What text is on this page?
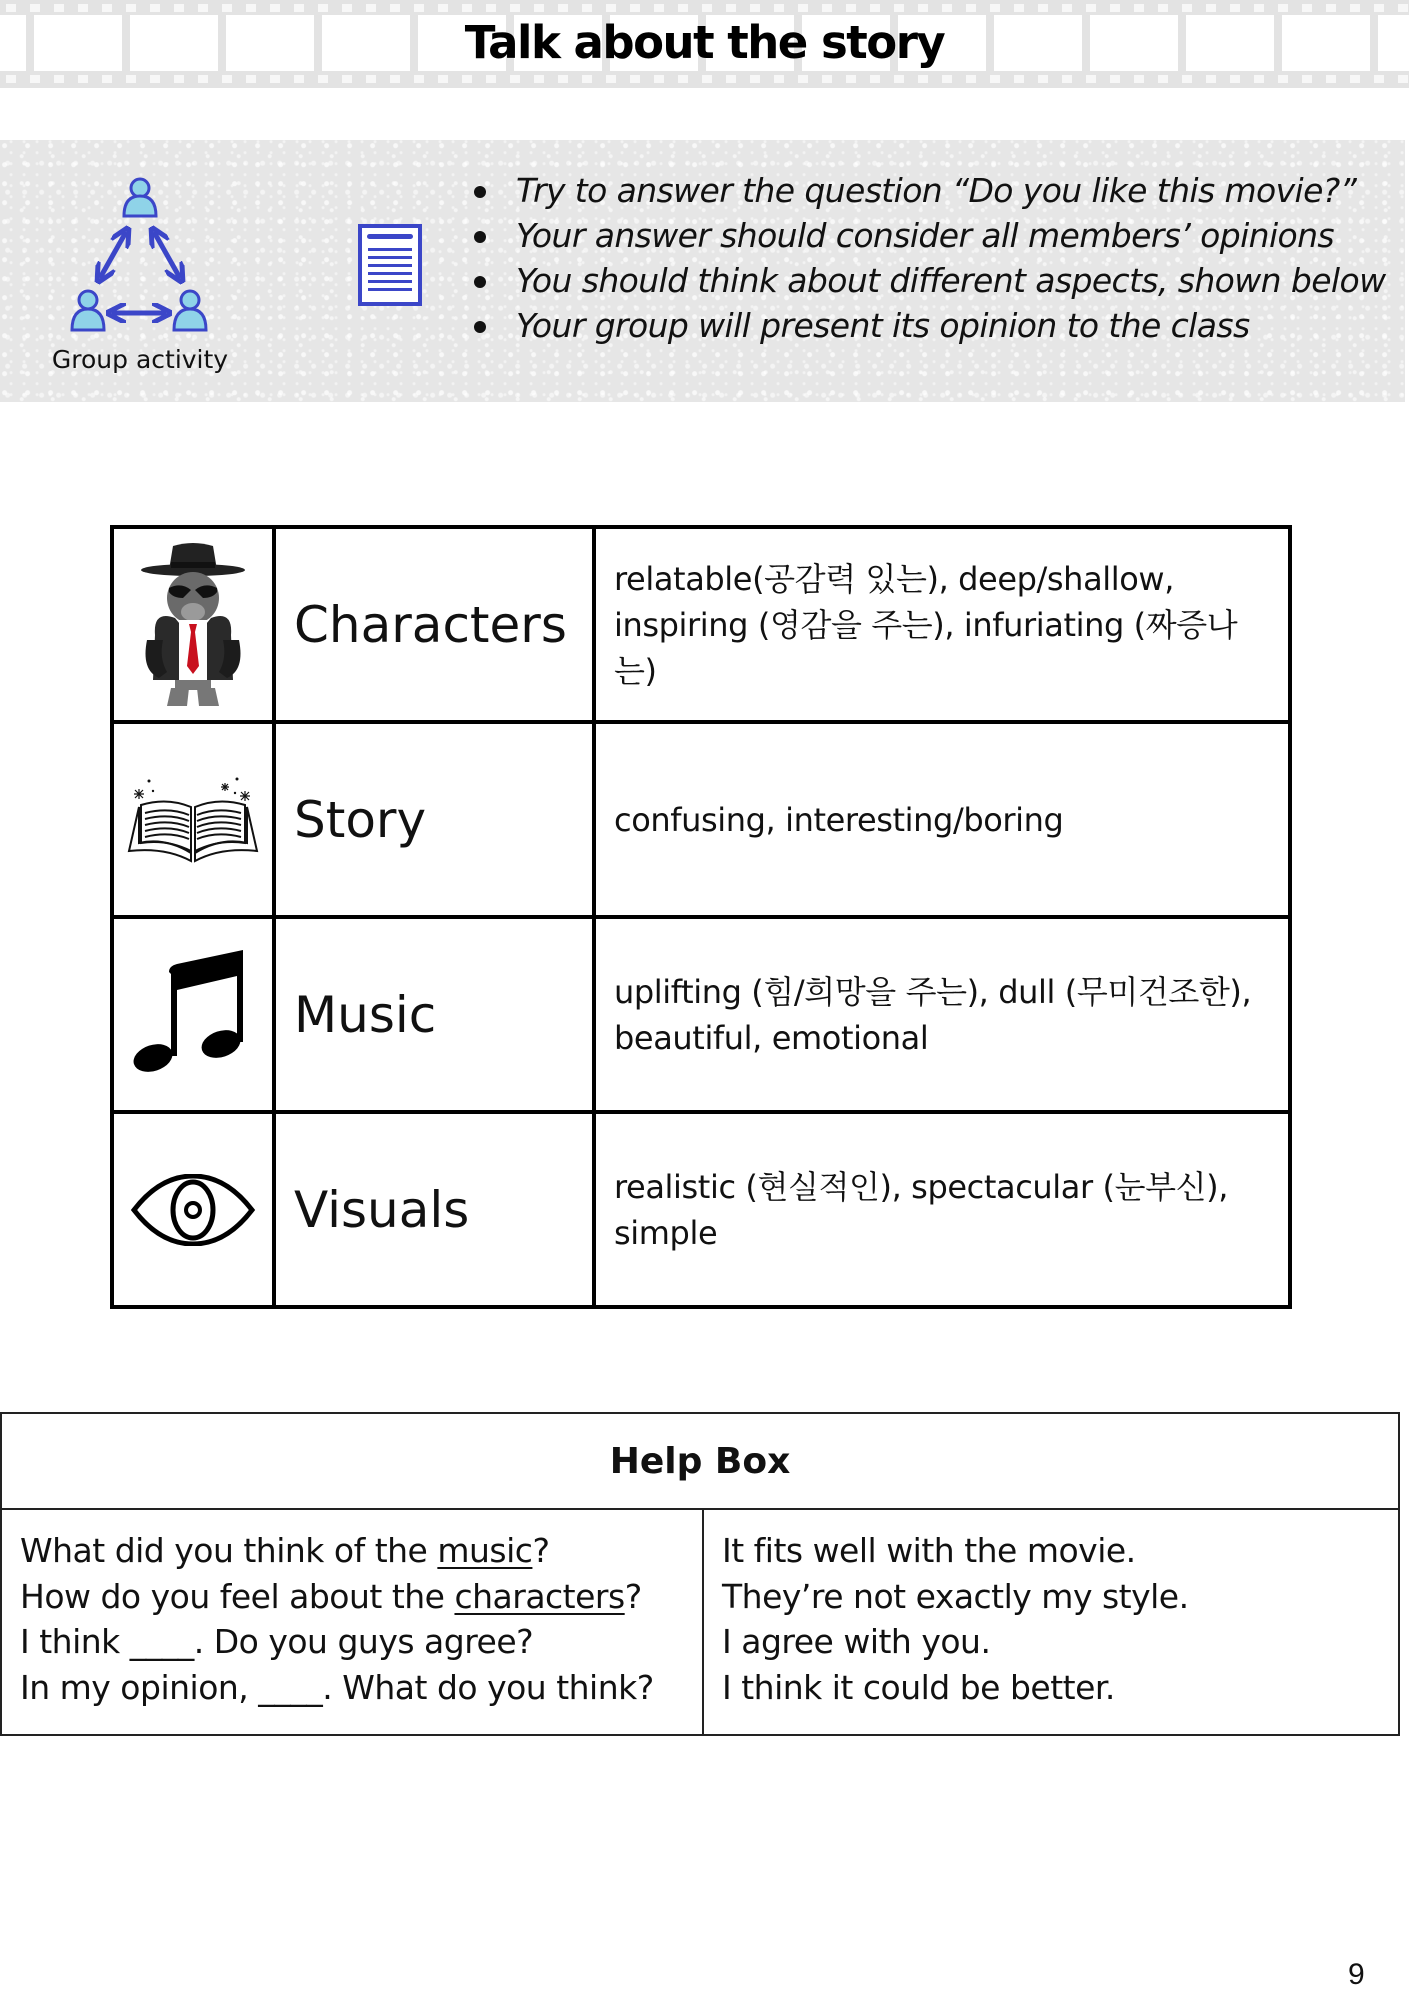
Talk about the story
Group activity
Try to answer the question “Do you like this movie?”
Your answer should consider all members’ opinions
You should think about different aspects, shown below
Your group will present its opinion to the class
	Characters	relatable(공감력 있는), deep/shallow, inspiring (영감을 주는), infuriating (짜증나는)
	Story	confusing, interesting/boring
	Music	uplifting (힘/희망을 주는), dull (무미건조한), beautiful, emotional
	Visuals	realistic (현실적인), spectacular (눈부신), simple
Help Box
What did you think of the music?
How do you feel about the characters?
I think ____. Do you guys agree?
In my opinion, ____. What do you think?
It fits well with the movie.
They’re not exactly my style.
I agree with you.
I think it could be better.
9
